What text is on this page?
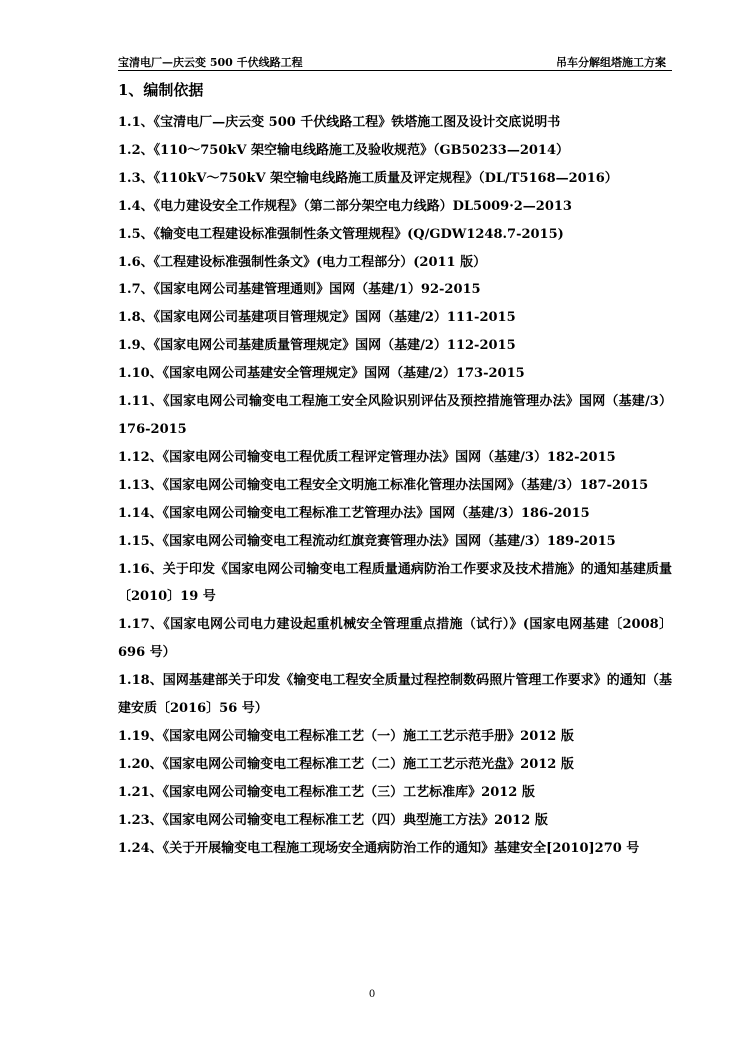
宝清电厂—庆云变 500 千伏线路工程	吊车分解组塔施工方案
1、编制依据

1.1、《宝清电厂—庆云变 500 千伏线路工程》铁塔施工图及设计交底说明书

1.2、《110～750kV 架空输电线路施工及验收规范》（GB50233—2014）

1.3、《110kV～750kV 架空输电线路施工质量及评定规程》（DL/T5168—2016）

1.4、《电力建设安全工作规程》（第二部分架空电力线路）DL5009·2—2013

1.5、《输变电工程建设标准强制性条文管理规程》(Q/GDW1248.7-2015)

1.6、《工程建设标准强制性条文》(电力工程部分）(2011 版）

1.7、《国家电网公司基建管理通则》国网（基建/1）92-2015

1.8、《国家电网公司基建项目管理规定》国网（基建/2）111-2015

1.9、《国家电网公司基建质量管理规定》国网（基建/2）112-2015

1.10、《国家电网公司基建安全管理规定》国网（基建/2）173-2015

1.11、《国家电网公司输变电工程施工安全风险识别评估及预控措施管理办法》国网（基建/3）176-2015

1.12、《国家电网公司输变电工程优质工程评定管理办法》国网（基建/3）182-2015

1.13、《国家电网公司输变电工程安全文明施工标准化管理办法国网》（基建/3）187-2015

1.14、《国家电网公司输变电工程标准工艺管理办法》国网（基建/3）186-2015

1.15、《国家电网公司输变电工程流动红旗竞赛管理办法》国网（基建/3）189-2015

1.16、关于印发《国家电网公司输变电工程质量通病防治工作要求及技术措施》的通知基建质量〔2010〕19 号

1.17、《国家电网公司电力建设起重机械安全管理重点措施（试行）》(国家电网基建〔2008〕696 号）

1.18、国网基建部关于印发《输变电工程安全质量过程控制数码照片管理工作要求》的通知（基建安质〔2016〕56 号）

1.19、《国家电网公司输变电工程标准工艺（一）施工工艺示范手册》2012 版

1.20、《国家电网公司输变电工程标准工艺（二）施工工艺示范光盘》2012 版

1.21、《国家电网公司输变电工程标准工艺（三）工艺标准库》2012 版

1.23、《国家电网公司输变电工程标准工艺（四）典型施工方法》2012 版

1.24、《关于开展输变电工程施工现场安全通病防治工作的通知》基建安全[2010]270 号

0
